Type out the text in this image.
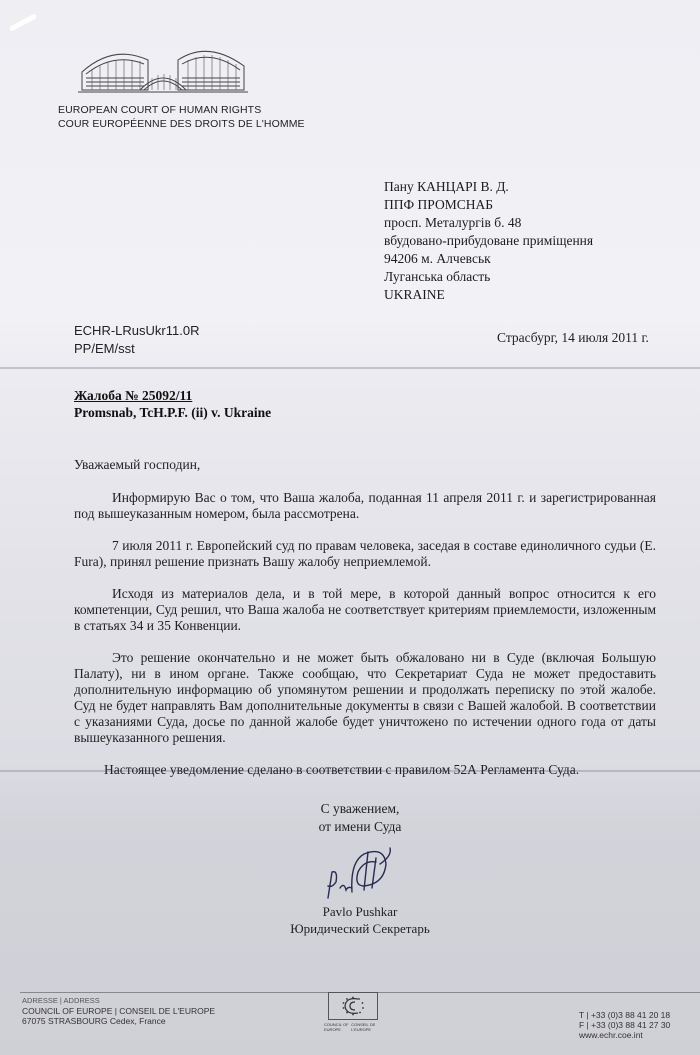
EUROPEAN COURT OF HUMAN RIGHTS
COUR EUROPÉENNE DES DROITS DE L'HOMME
Пану КАНЦАРІ В. Д.
ППФ ПРОМСНАБ
просп. Металургів б. 48
вбудовано-прибудоване приміщення
94206 м. Алчевськ
Луганська область
UKRAINE
ECHR-LRusUkr11.0R
PP/EM/sst
Страсбург, 14 июля 2011 г.
Жалоба № 25092/11
Promsnab, TcH.P.F. (ii) v. Ukraine
Уважаемый господин,

Информирую Вас о том, что Ваша жалоба, поданная 11 апреля 2011 г. и зарегистрированная под вышеуказанным номером, была рассмотрена.

7 июля 2011 г. Европейский суд по правам человека, заседая в составе единоличного судьи (E. Fura), принял решение признать Вашу жалобу неприемлемой.

Исходя из материалов дела, и в той мере, в которой данный вопрос относится к его компетенции, Суд решил, что Ваша жалоба не соответствует критериям приемлемости, изложенным в статьях 34 и 35 Конвенции.

Это решение окончательно и не может быть обжаловано ни в Суде (включая Большую Палату), ни в ином органе. Также сообщаю, что Секретариат Суда не может предоставить дополнительную информацию об упомянутом решении и продолжать переписку по этой жалобе. Суд не будет направлять Вам дополнительные документы в связи с Вашей жалобой. В соответствии с указаниями Суда, досье по данной жалобе будет уничтожено по истечении одного года от даты вышеуказанного решения.

Настоящее уведомление сделано в соответствии с правилом 52А Регламента Суда.

С уважением,
от имени Суда
Pavlo Pushkar
Юридический Секретарь
ADRESSE | ADDRESS
COUNCIL OF EUROPE | CONSEIL DE L'EUROPE
67075 STRASBOURG Cedex, France	COUNCIL OF EUROPE
CONSEIL DE L'EUROPE
T | +33 (0)3 88 41 20 18
F | +33 (0)3 88 41 27 30
www.echr.coe.int
